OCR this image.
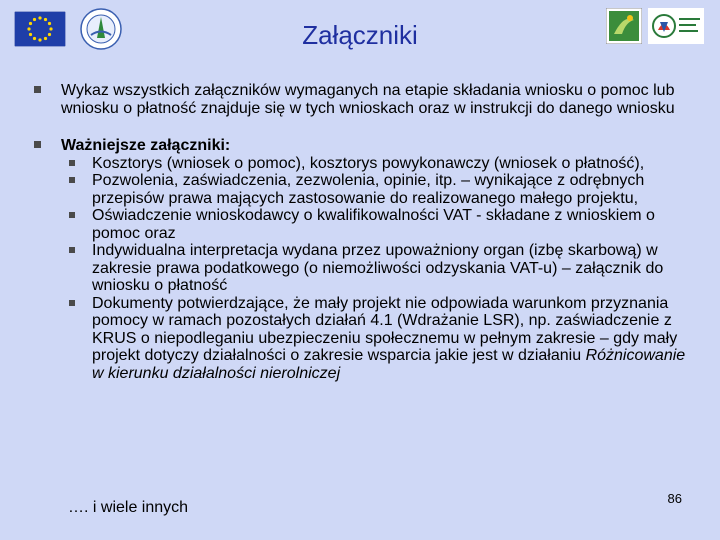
Załączniki
Wykaz wszystkich załączników wymaganych na etapie składania wniosku o pomoc lub wniosku o płatność znajduje się w tych wnioskach oraz w instrukcji do danego wniosku
Ważniejsze załączniki:
Kosztorys (wniosek o pomoc), kosztorys powykonawczy (wniosek o płatność),
Pozwolenia, zaświadczenia, zezwolenia, opinie, itp. – wynikające z odrębnych przepisów prawa mających zastosowanie do realizowanego małego projektu,
Oświadczenie wnioskodawcy o kwalifikowalności VAT - składane z wnioskiem o pomoc oraz
Indywidualna interpretacja wydana przez upoważniony organ (izbę skarbową) w zakresie prawa podatkowego (o niemożliwości odzyskania VAT-u) – załącznik do wniosku o płatność
Dokumenty potwierdzające, że mały projekt nie odpowiada warunkom przyznania pomocy w ramach pozostałych działań 4.1 (Wdrażanie LSR), np. zaświadczenie z KRUS o niepodleganiu ubezpieczeniu społecznemu w pełnym zakresie – gdy mały projekt dotyczy działalności o zakresie wsparcia jakie jest w działaniu Różnicowanie w kierunku działalności nierolniczej
…. i wiele innych
86
